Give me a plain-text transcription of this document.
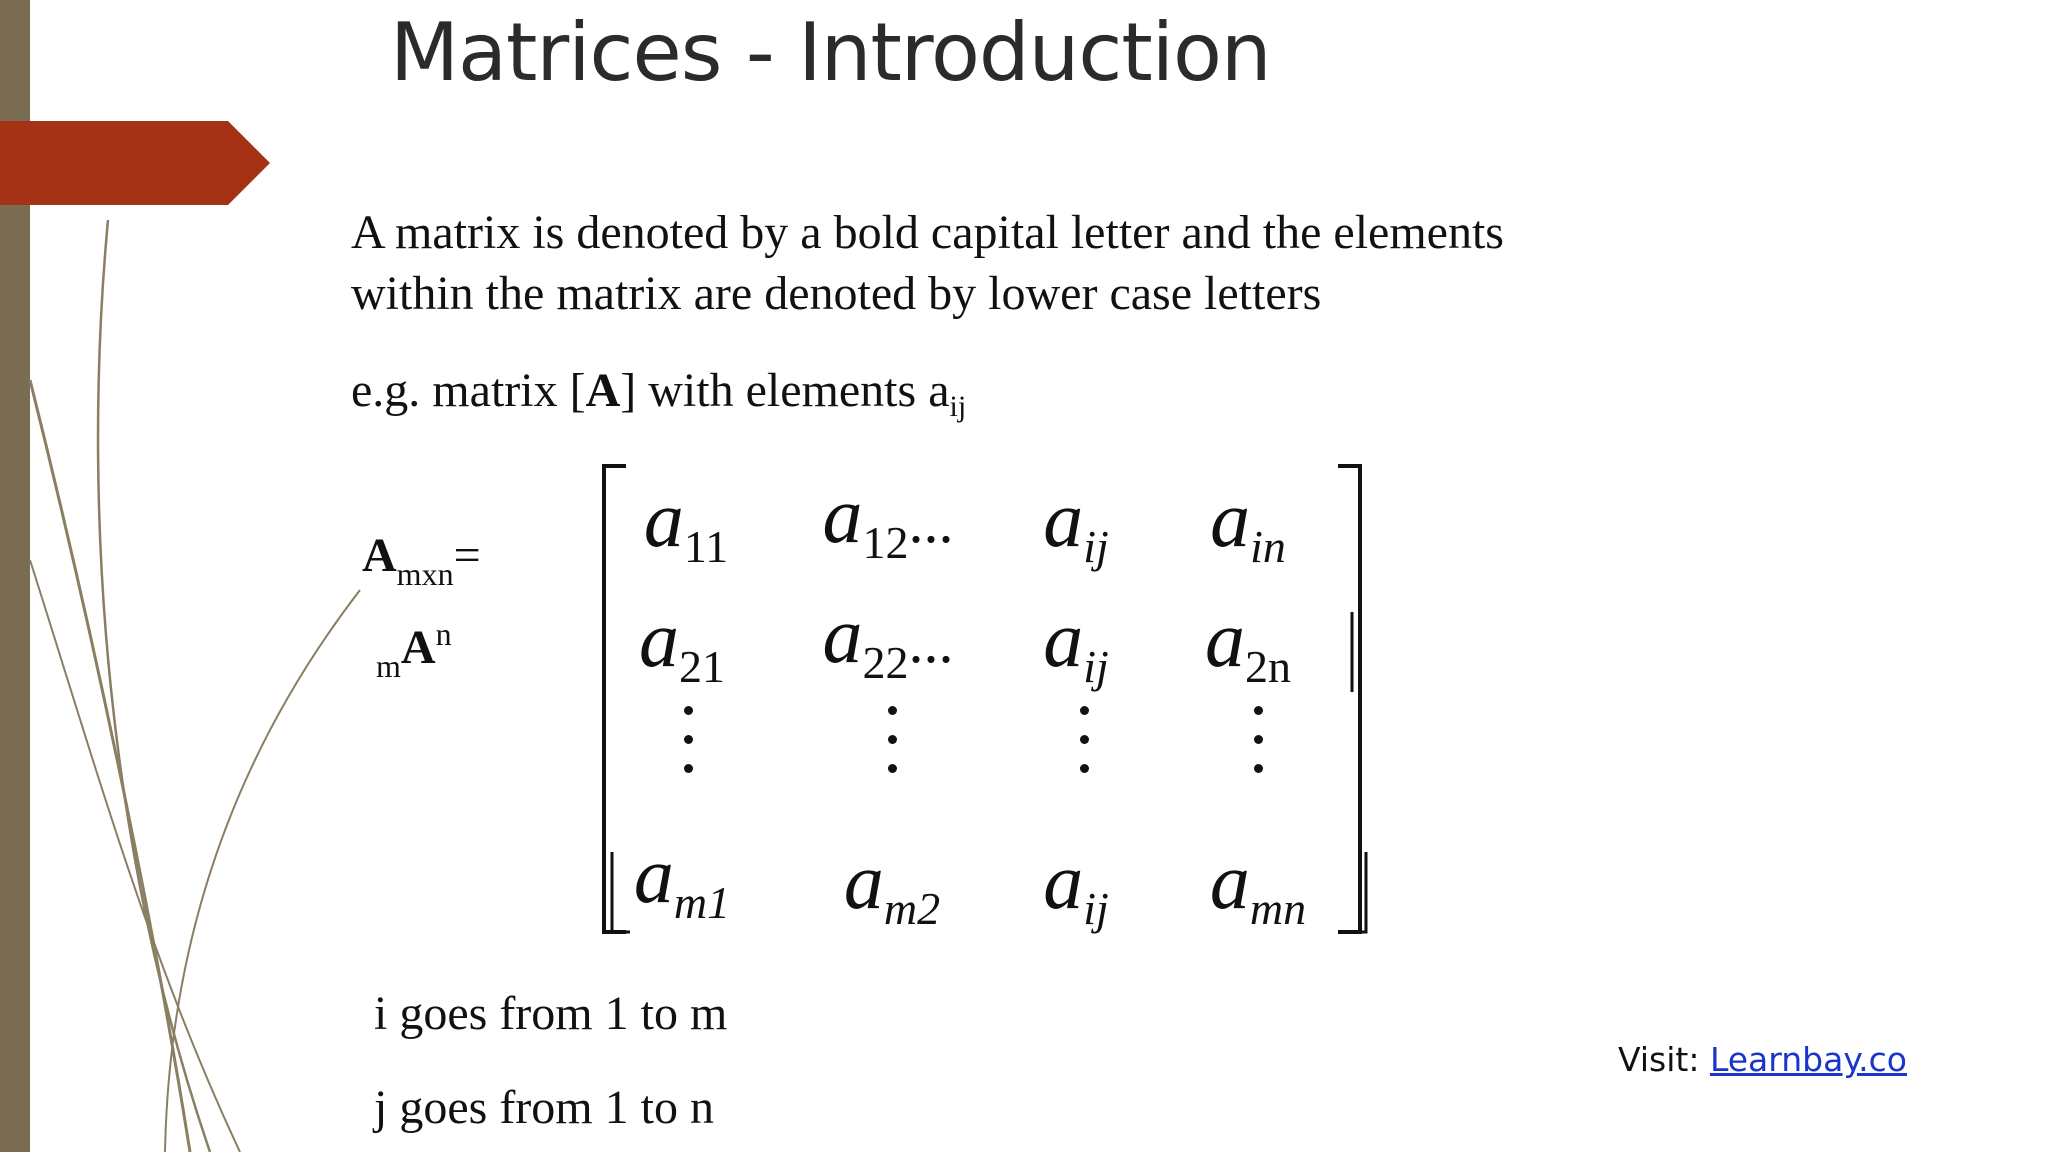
Matrices - Introduction

A matrix is denoted by a bold capital letter and the elements

within the matrix are denoted by lower case letters

e.g. matrix [A] with elements $a_{ij}$

$A_{mxn}=$
$_mA^n$
$a_{11}$ $a_{12}$... $a_{ij}$ $a_{in}$
$a_{21}$ $a_{22}$... $a_{ij}$ $a_{2n}$
$a_{m1}$ $a_{m2}$ $a_{ij}$ $a_{mn}$
i goes from 1 to m
j goes from 1 to n
Visit: Learnbay.co
